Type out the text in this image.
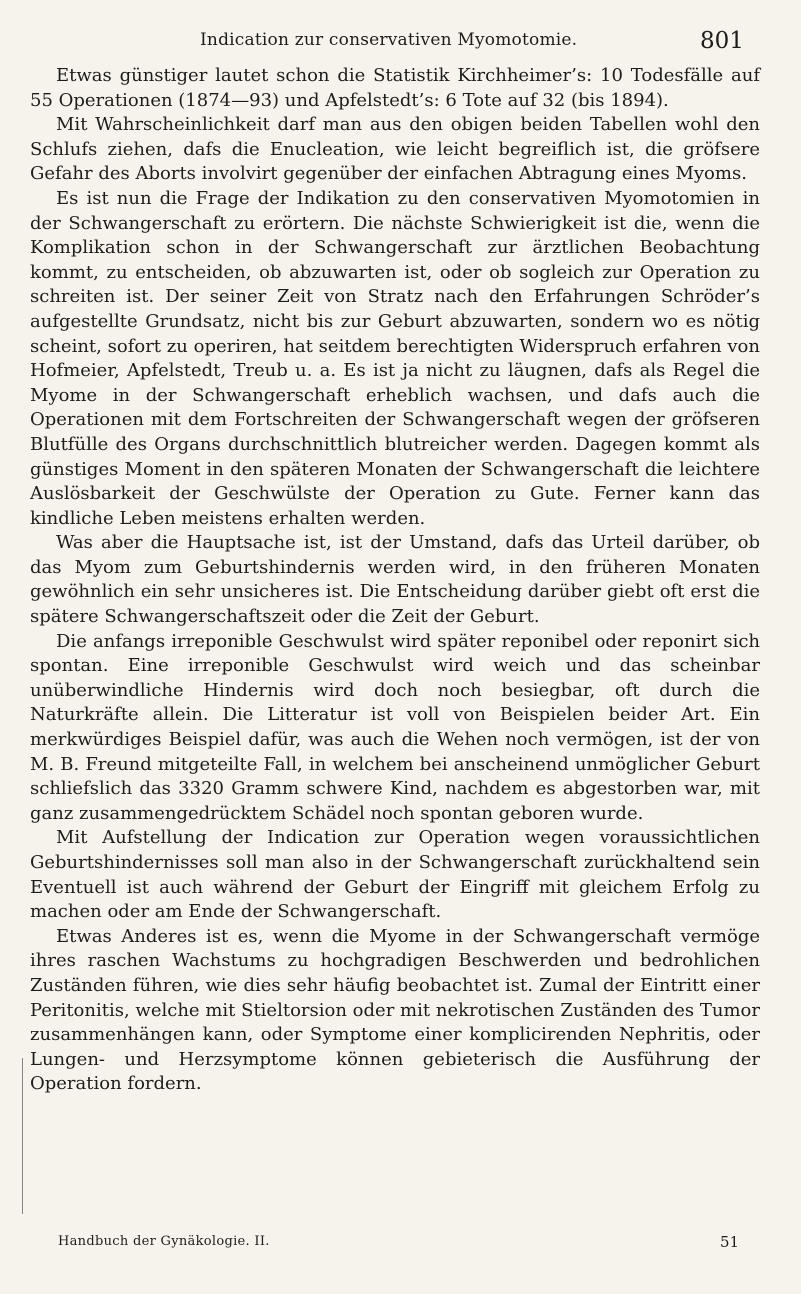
Indication zur conservativen Myomotomie.	801

Etwas günstiger lautet schon die Statistik Kirchheimer’s: 10 Todesfälle auf 55 Operationen (1874—93) und Apfelstedt’s: 6 Tote auf 32 (bis 1894).

Mit Wahrscheinlichkeit darf man aus den obigen beiden Tabellen wohl den Schlufs ziehen, dafs die Enucleation, wie leicht begreiflich ist, die gröfsere Gefahr des Aborts involvirt gegenüber der einfachen Abtragung eines Myoms.

Es ist nun die Frage der Indikation zu den conservativen Myomotomien in der Schwangerschaft zu erörtern. Die nächste Schwierigkeit ist die, wenn die Komplikation schon in der Schwangerschaft zur ärztlichen Beobachtung kommt, zu entscheiden, ob abzuwarten ist, oder ob sogleich zur Operation zu schreiten ist. Der seiner Zeit von Stratz nach den Erfahrungen Schröder’s aufgestellte Grundsatz, nicht bis zur Geburt abzuwarten, sondern wo es nötig scheint, sofort zu operiren, hat seitdem berechtigten Widerspruch erfahren von Hofmeier, Apfelstedt, Treub u. a. Es ist ja nicht zu läugnen, dafs als Regel die Myome in der Schwangerschaft erheblich wachsen, und dafs auch die Operationen mit dem Fortschreiten der Schwangerschaft wegen der gröfseren Blutfülle des Organs durchschnittlich blutreicher werden. Dagegen kommt als günstiges Moment in den späteren Monaten der Schwangerschaft die leichtere Auslösbarkeit der Geschwülste der Operation zu Gute. Ferner kann das kindliche Leben meistens erhalten werden.

Was aber die Hauptsache ist, ist der Umstand, dafs das Urteil darüber, ob das Myom zum Geburtshindernis werden wird, in den früheren Monaten gewöhnlich ein sehr unsicheres ist. Die Entscheidung darüber giebt oft erst die spätere Schwangerschaftszeit oder die Zeit der Geburt.

Die anfangs irreponible Geschwulst wird später reponibel oder reponirt sich spontan. Eine irreponible Geschwulst wird weich und das scheinbar unüberwindliche Hindernis wird doch noch besiegbar, oft durch die Naturkräfte allein. Die Litteratur ist voll von Beispielen beider Art. Ein merkwürdiges Beispiel dafür, was auch die Wehen noch vermögen, ist der von M. B. Freund mitgeteilte Fall, in welchem bei anscheinend unmöglicher Geburt schliefslich das 3320 Gramm schwere Kind, nachdem es abgestorben war, mit ganz zusammengedrücktem Schädel noch spontan geboren wurde.

Mit Aufstellung der Indication zur Operation wegen voraussichtlichen Geburtshindernisses soll man also in der Schwangerschaft zurückhaltend sein Eventuell ist auch während der Geburt der Eingriff mit gleichem Erfolg zu machen oder am Ende der Schwangerschaft.

Etwas Anderes ist es, wenn die Myome in der Schwangerschaft vermöge ihres raschen Wachstums zu hochgradigen Beschwerden und bedrohlichen Zuständen führen, wie dies sehr häufig beobachtet ist. Zumal der Eintritt einer Peritonitis, welche mit Stieltorsion oder mit nekrotischen Zuständen des Tumor zusammenhängen kann, oder Symptome einer komplicirenden Nephritis, oder Lungen- und Herzsymptome können gebieterisch die Ausführung der Operation fordern.

Handbuch der Gynäkologie. II.	51
